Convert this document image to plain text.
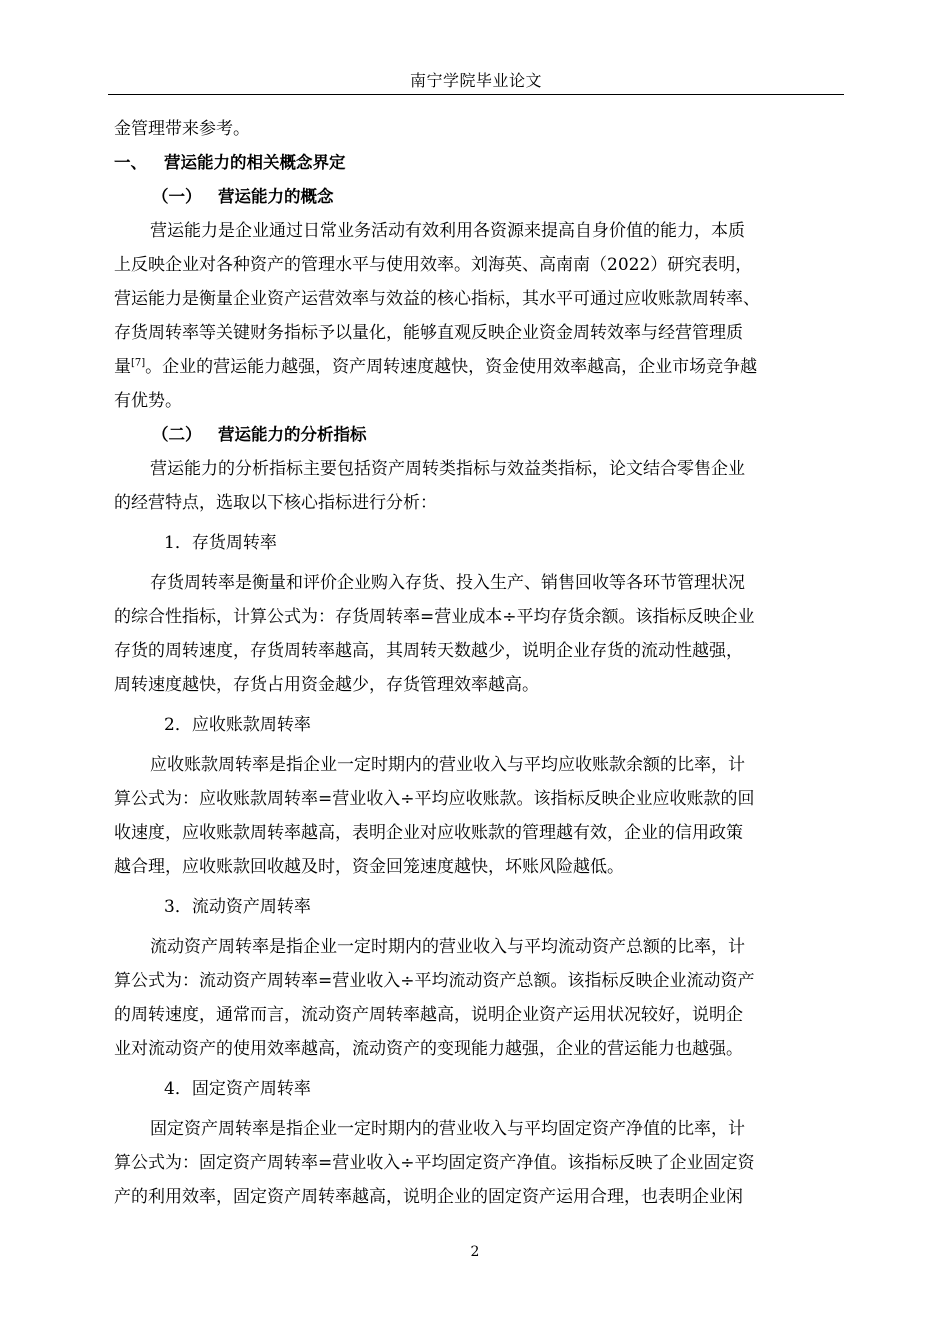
南宁学院毕业论文
金管理带来参考。
一、 营运能力的相关概念界定
（一） 营运能力的概念
营运能力是企业通过日常业务活动有效利用各资源来提高自身价值的能力，本质
上反映企业对各种资产的管理水平与使用效率。刘海英、高南南（2022）研究表明，
营运能力是衡量企业资产运营效率与效益的核心指标，其水平可通过应收账款周转率、
存货周转率等关键财务指标予以量化，能够直观反映企业资金周转效率与经营管理质
量[7]。企业的营运能力越强，资产周转速度越快，资金使用效率越高，企业市场竞争越
有优势。
（二） 营运能力的分析指标
营运能力的分析指标主要包括资产周转类指标与效益类指标，论文结合零售企业
的经营特点，选取以下核心指标进行分析：
1．存货周转率
存货周转率是衡量和评价企业购入存货、投入生产、销售回收等各环节管理状况
的综合性指标，计算公式为：存货周转率=营业成本÷平均存货余额。该指标反映企业
存货的周转速度，存货周转率越高，其周转天数越少，说明企业存货的流动性越强，
周转速度越快，存货占用资金越少，存货管理效率越高。
2．应收账款周转率
应收账款周转率是指企业一定时期内的营业收入与平均应收账款余额的比率，计
算公式为：应收账款周转率=营业收入÷平均应收账款。该指标反映企业应收账款的回
收速度，应收账款周转率越高，表明企业对应收账款的管理越有效，企业的信用政策
越合理，应收账款回收越及时，资金回笼速度越快，坏账风险越低。
3．流动资产周转率
流动资产周转率是指企业一定时期内的营业收入与平均流动资产总额的比率，计
算公式为：流动资产周转率=营业收入÷平均流动资产总额。该指标反映企业流动资产
的周转速度，通常而言，流动资产周转率越高，说明企业资产运用状况较好，说明企
业对流动资产的使用效率越高，流动资产的变现能力越强，企业的营运能力也越强。
4．固定资产周转率
固定资产周转率是指企业一定时期内的营业收入与平均固定资产净值的比率，计
算公式为：固定资产周转率=营业收入÷平均固定资产净值。该指标反映了企业固定资
产的利用效率，固定资产周转率越高，说明企业的固定资产运用合理，也表明企业闲
2
